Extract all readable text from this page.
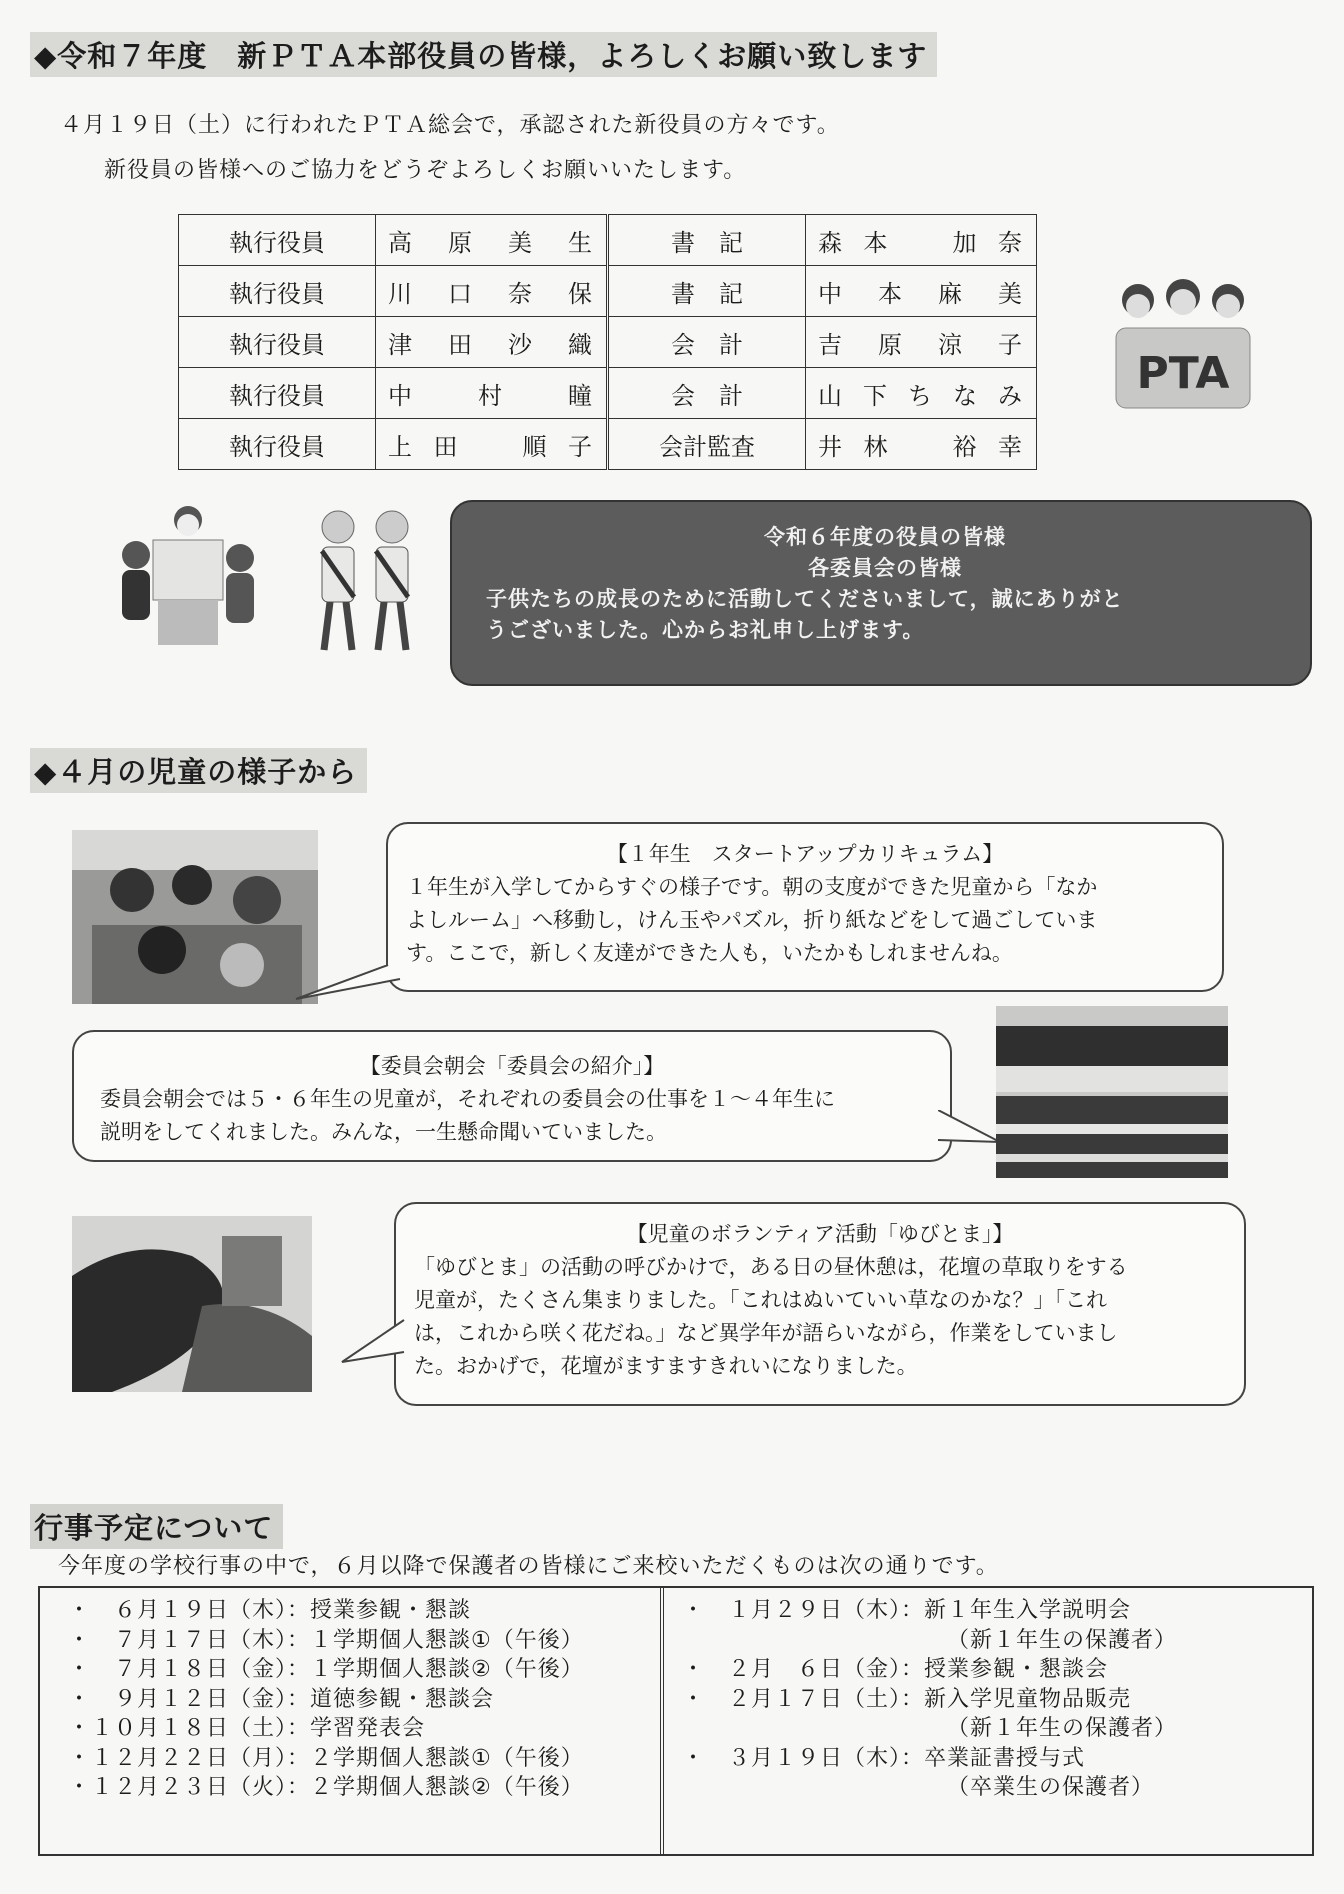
◆令和７年度　新ＰＴＡ本部役員の皆様，よろしくお願い致します
４月１９日（土）に行われたＰＴＡ総会で，承認された新役員の方々です。
新役員の皆様へのご協力をどうぞよろしくお願いいたします。
執行役員	高 原 美 生	書　記	森 本 加 奈

執行役員	川 口 奈 保	書　記	中 本 麻 美

執行役員	津 田 沙 織	会　計	吉 原 涼 子

執行役員	中 村 瞳	会　計	山 下 ち な み

執行役員	上 田 順 子	会計監査	井 林 裕 幸
PTA
令和６年度の役員の皆様
各委員会の皆様
子供たちの成長のために活動してくださいまして，誠にありがと
うございました。心からお礼申し上げます。
◆４月の児童の様子から
【１年生　スタートアップカリキュラム】
１年生が入学してからすぐの様子です。朝の支度ができた児童から「なか
よしルーム」へ移動し，けん玉やパズル，折り紙などをして過ごしていま
す。ここで，新しく友達ができた人も，いたかもしれませんね。
【委員会朝会「委員会の紹介」】
委員会朝会では５・６年生の児童が，それぞれの委員会の仕事を１～４年生に
説明をしてくれました。みんな，一生懸命聞いていました。
【児童のボランティア活動「ゆびとま」】
「ゆびとま」の活動の呼びかけで，ある日の昼休憩は，花壇の草取りをする
児童が，たくさん集まりました。「これはぬいていい草なのかな？」「これ
は，これから咲く花だね。」など異学年が語らいながら，作業をしていまし
た。おかげで，花壇がますますきれいになりました。
行事予定について
今年度の学校行事の中で，６月以降で保護者の皆様にご来校いただくものは次の通りです。
・　６月１９日（木）：授業参観・懇談
・　７月１７日（木）：１学期個人懇談①（午後）
・　７月１８日（金）：１学期個人懇談②（午後）
・　９月１２日（金）：道徳参観・懇談会
・１０月１８日（土）：学習発表会
・１２月２２日（月）：２学期個人懇談①（午後）
・１２月２３日（火）：２学期個人懇談②（午後）
・　１月２９日（木）：新１年生入学説明会
　　　　　　　　　　　　（新１年生の保護者）
・　２月　６日（金）：授業参観・懇談会
・　２月１７日（土）：新入学児童物品販売
　　　　　　　　　　　　（新１年生の保護者）
・　３月１９日（木）：卒業証書授与式
　　　　　　　　　　　　（卒業生の保護者）
